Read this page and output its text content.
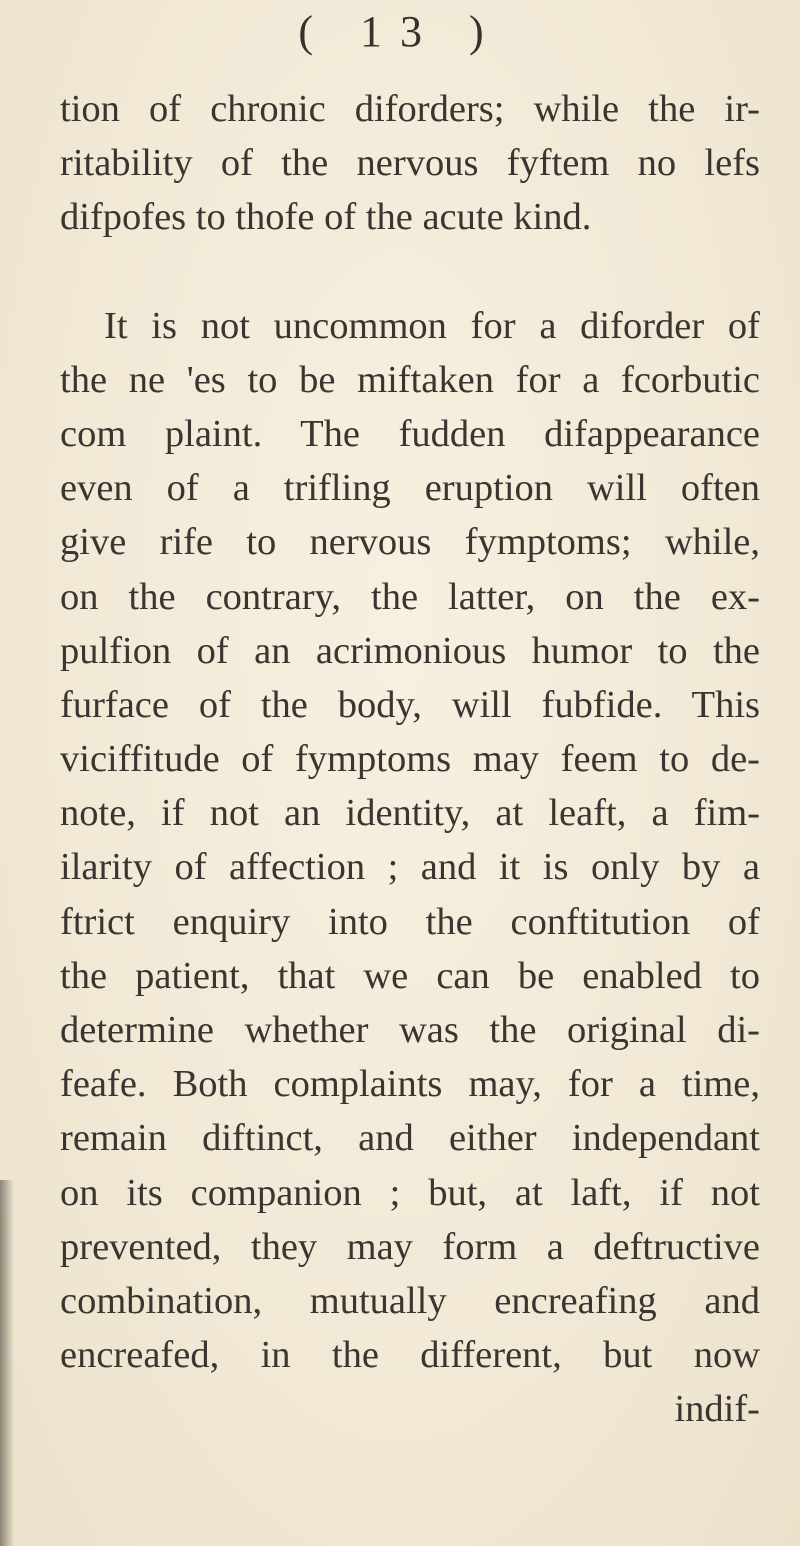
( 13 )
tion of chronic diforders; while the ir-
ritability of the nervous fyftem no lefs
difpofes to thofe of the acute kind.
It is not uncommon for a diforder of
the ne 'es to be miftaken for a fcorbutic
com plaint. The fudden difappearance
even of a trifling eruption will often
give rife to nervous fymptoms; while,
on the contrary, the latter, on the ex-
pulfion of an acrimonious humor to the
furface of the body, will fubfide. This
viciffitude of fymptoms may feem to de-
note, if not an identity, at leaft, a fim-
ilarity of affection ; and it is only by a
ftrict enquiry into the conftitution of
the patient, that we can be enabled to
determine whether was the original di-
feafe. Both complaints may, for a time,
remain diftinct, and either independant
on its companion ; but, at laft, if not
prevented, they may form a deftructive
combination, mutually encreafing and
encreafed, in the different, but now
indif-
